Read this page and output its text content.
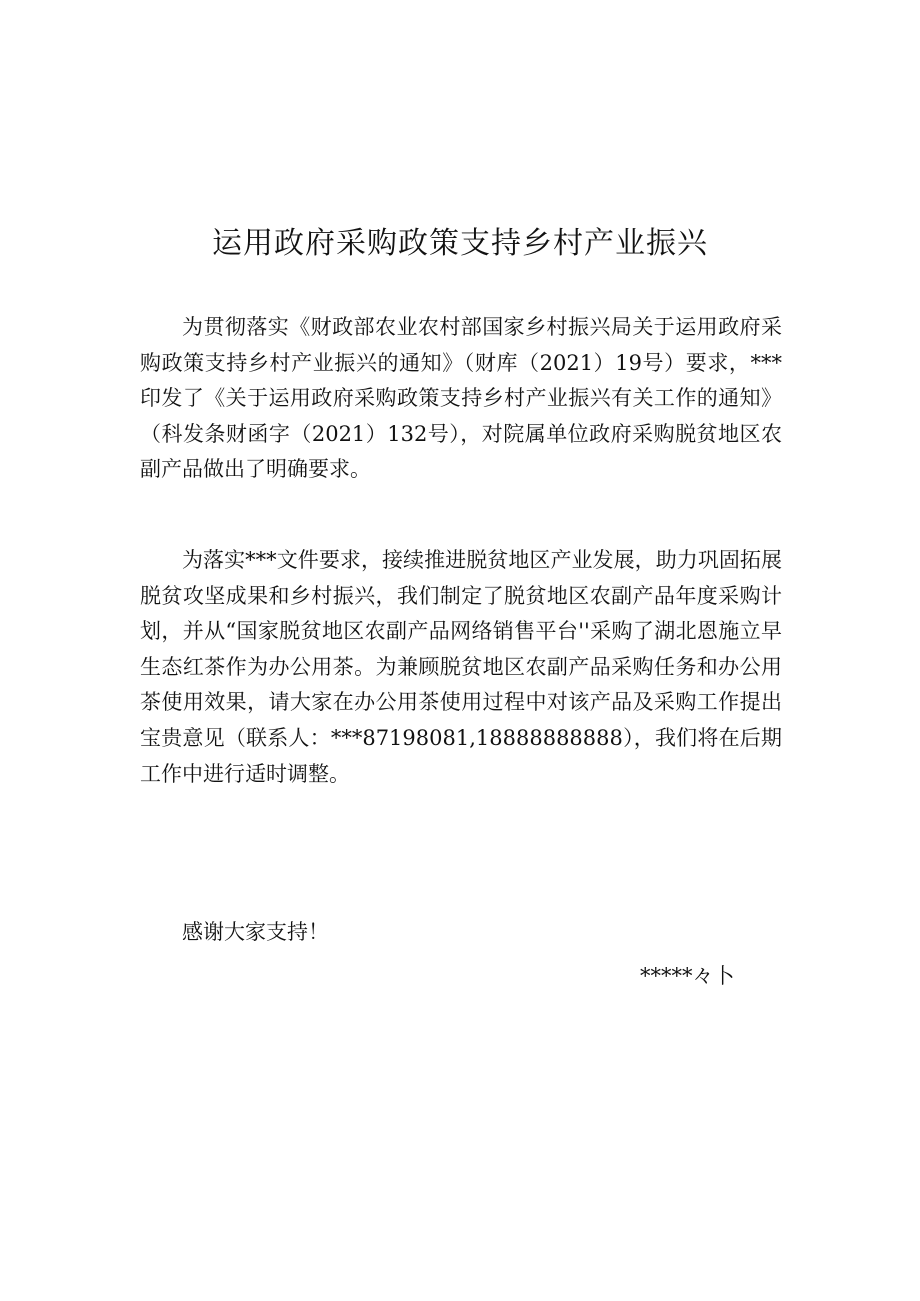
运用政府采购政策支持乡村产业振兴

为贯彻落实《财政部农业农村部国家乡村振兴局关于运用政府采购政策支持乡村产业振兴的通知》（财库（2021）19号）要求，***印发了《关于运用政府采购政策支持乡村产业振兴有关工作的通知》（科发条财函字（2021）132号），对院属单位政府采购脱贫地区农副产品做出了明确要求。

为落实***文件要求，接续推进脱贫地区产业发展，助力巩固拓展脱贫攻坚成果和乡村振兴，我们制定了脱贫地区农副产品年度采购计划，并从“国家脱贫地区农副产品网络销售平台''采购了湖北恩施立早生态红茶作为办公用茶。为兼顾脱贫地区农副产品采购任务和办公用茶使用效果，请大家在办公用茶使用过程中对该产品及采购工作提出宝贵意见（联系人：***87198081,18888888888），我们将在后期工作中进行适时调整。

感谢大家支持！

*****々卜
